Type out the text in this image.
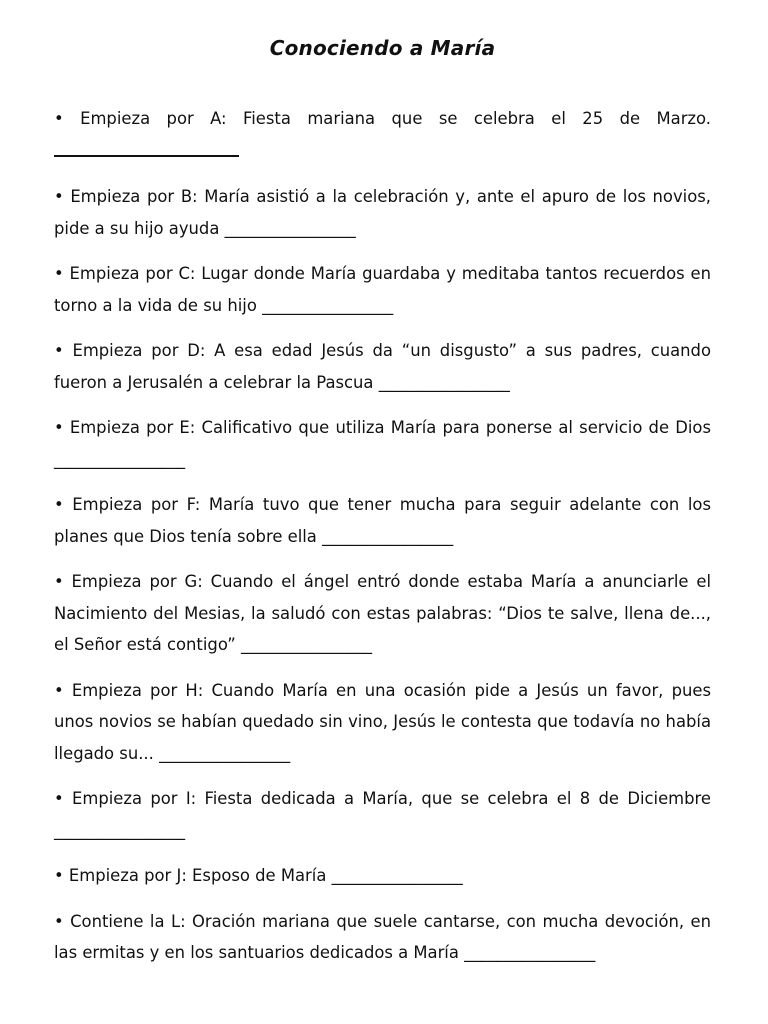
Conociendo a María

• Empieza por A: Fiesta mariana que se celebra el 25 de Marzo.

• Empieza por B: María asistió a la celebración y, ante el apuro de los novios, pide a su hijo ayuda ________________

• Empieza por C: Lugar donde María guardaba y meditaba tantos recuerdos en torno a la vida de su hijo ________________

• Empieza por D: A esa edad Jesús da “un disgusto” a sus padres, cuando fueron a Jerusalén a celebrar la Pascua ________________

• Empieza por E: Calificativo que utiliza María para ponerse al servicio de Dios ________________

• Empieza por F: María tuvo que tener mucha para seguir adelante con los planes que Dios tenía sobre ella ________________

• Empieza por G: Cuando el ángel entró donde estaba María a anunciarle el Nacimiento del Mesias, la saludó con estas palabras: “Dios te salve, llena de..., el Señor está contigo” ________________

• Empieza por H: Cuando María en una ocasión pide a Jesús un favor, pues unos novios se habían quedado sin vino, Jesús le contesta que todavía no había llegado su... ________________

• Empieza por I: Fiesta dedicada a María, que se celebra el 8 de Diciembre ________________

• Empieza por J: Esposo de María ________________

• Contiene la L: Oración mariana que suele cantarse, con mucha devoción, en las ermitas y en los santuarios dedicados a María ________________
